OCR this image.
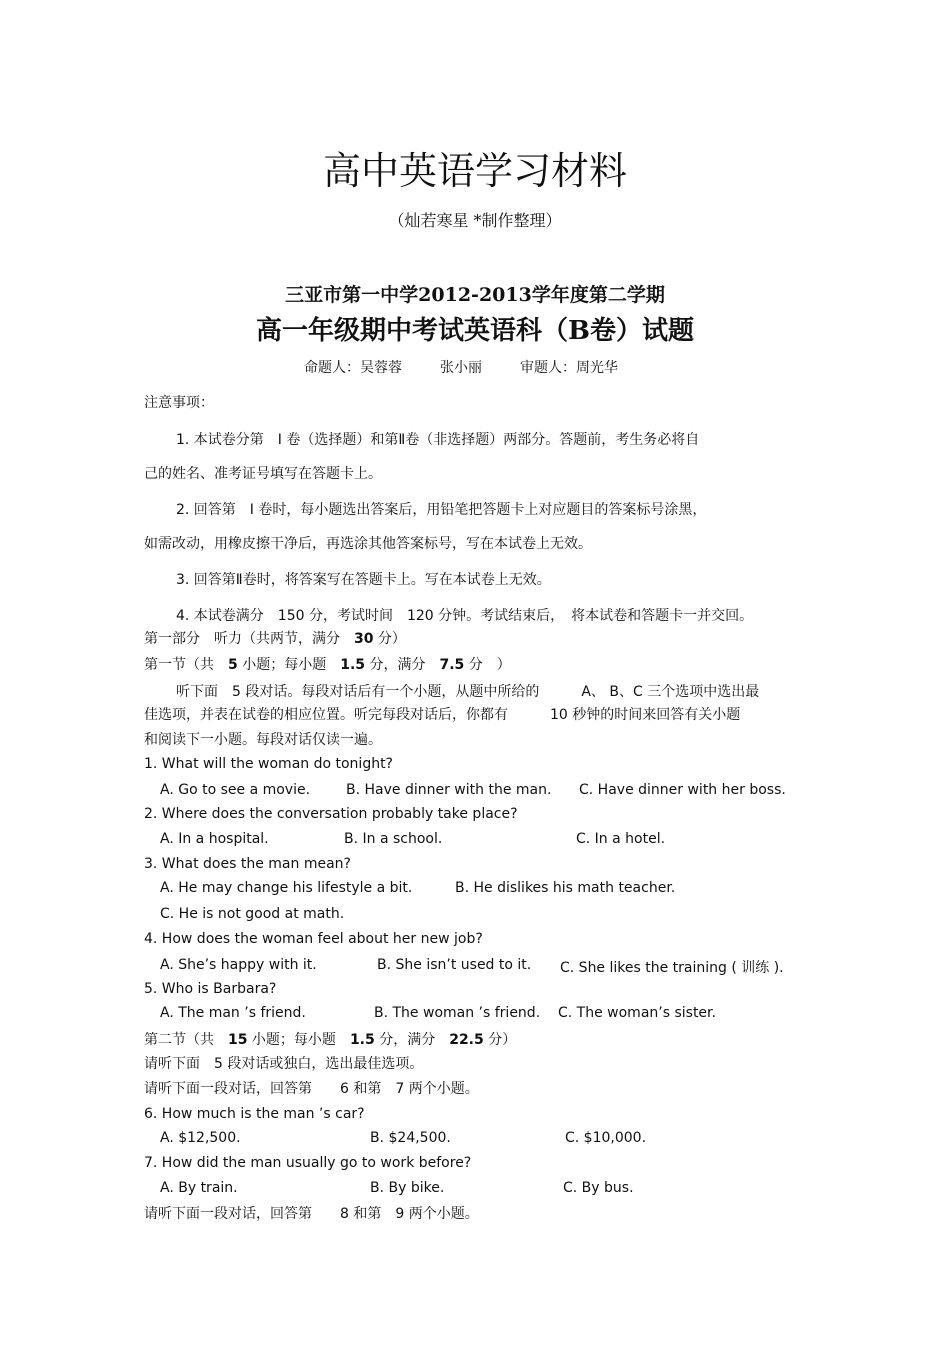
高中英语学习材料
（灿若寒星 *制作整理）
三亚市第一中学2012-2013学年度第二学期
高一年级期中考试英语科（B卷）试题
命题人：吴蓉蓉	张小丽	审题人：周光华
注意事项：
1. 本试卷分第　I 卷（选择题）和第Ⅱ卷（非选择题）两部分。答题前，考生务必将自
己的姓名、准考证号填写在答题卡上。
2. 回答第　I 卷时，每小题选出答案后，用铅笔把答题卡上对应题目的答案标号涂黑，
如需改动，用橡皮擦干净后，再选涂其他答案标号，写在本试卷上无效。
3. 回答第Ⅱ卷时，将答案写在答题卡上。写在本试卷上无效。
4. 本试卷满分　150 分，考试时间　120 分钟。考试结束后，　将本试卷和答题卡一并交回。
第一部分　听力（共两节，满分　30 分）
第一节（共　5 小题；每小题　1.5 分，满分　7.5 分　）
听下面　5 段对话。每段对话后有一个小题，从题中所给的　　　A、 B、C 三个选项中选出最
佳选项，并表在试卷的相应位置。听完每段对话后，你都有　　　10 秒钟的时间来回答有关小题
和阅读下一小题。每段对话仅读一遍。
1. What will the woman do tonight?
A. Go to see a movie.	B. Have dinner with the man. C. Have dinner with her boss.
2. Where does the conversation probably take place?
A. In a hospital.	B. In a school.	C. In a hotel.
3. What does the man mean?
A. He may change his lifestyle a bit.	B. He dislikes his math teacher.
C. He is not good at math.
4. How does the woman feel about her new job?
A. She’s happy with it.	B. She isn’t used to it. C. She likes the training ( 训练 ).
5. Who is Barbara?
A. The man ’s friend.	B. The woman ’s friend. C. The woman’s sister.
第二节（共　15 小题；每小题　1.5 分，满分　22.5 分）
请听下面　5 段对话或独白，选出最佳选项。
请听下面一段对话，回答第　　6 和第　7 两个小题。
6. How much is the man ’s car?
A. $12,500.	B. $24,500.	C. $10,000.
7. How did the man usually go to work before?
A. By train.	B. By bike.	C. By bus.
请听下面一段对话，回答第　　8 和第　9 两个小题。
